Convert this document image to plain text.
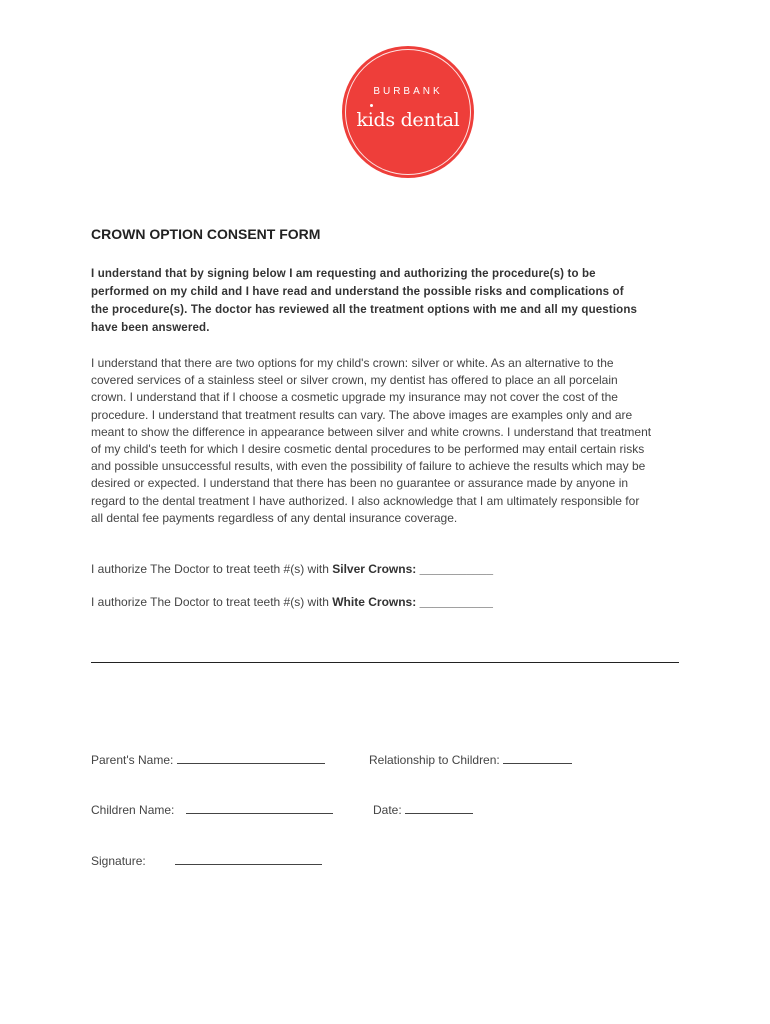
BURBANK
kids dental
CROWN OPTION CONSENT FORM
I understand that by signing below I am requesting and authorizing the procedure(s) to be
performed on my child and I have read and understand the possible risks and complications of
the procedure(s). The doctor has reviewed all the treatment options with me and all my questions
have been answered.
I understand that there are two options for my child's crown: silver or white. As an alternative to the
covered services of a stainless steel or silver crown, my dentist has offered to place an all porcelain
crown. I understand that if I choose a cosmetic upgrade my insurance may not cover the cost of the
procedure. I understand that treatment results can vary. The above images are examples only and are
meant to show the difference in appearance between silver and white crowns. I understand that treatment
of my child's teeth for which I desire cosmetic dental procedures to be performed may entail certain risks
and possible unsuccessful results, with even the possibility of failure to achieve the results which may be
desired or expected. I understand that there has been no guarantee or assurance made by anyone in
regard to the dental treatment I have authorized. I also acknowledge that I am ultimately responsible for
all dental fee payments regardless of any dental insurance coverage.
I authorize The Doctor to treat teeth #(s) with Silver Crowns: ___________
I authorize The Doctor to treat teeth #(s) with White Crowns: ___________
Parent's Name:	Relationship to Children:
Children Name:	Date:
Signature:
